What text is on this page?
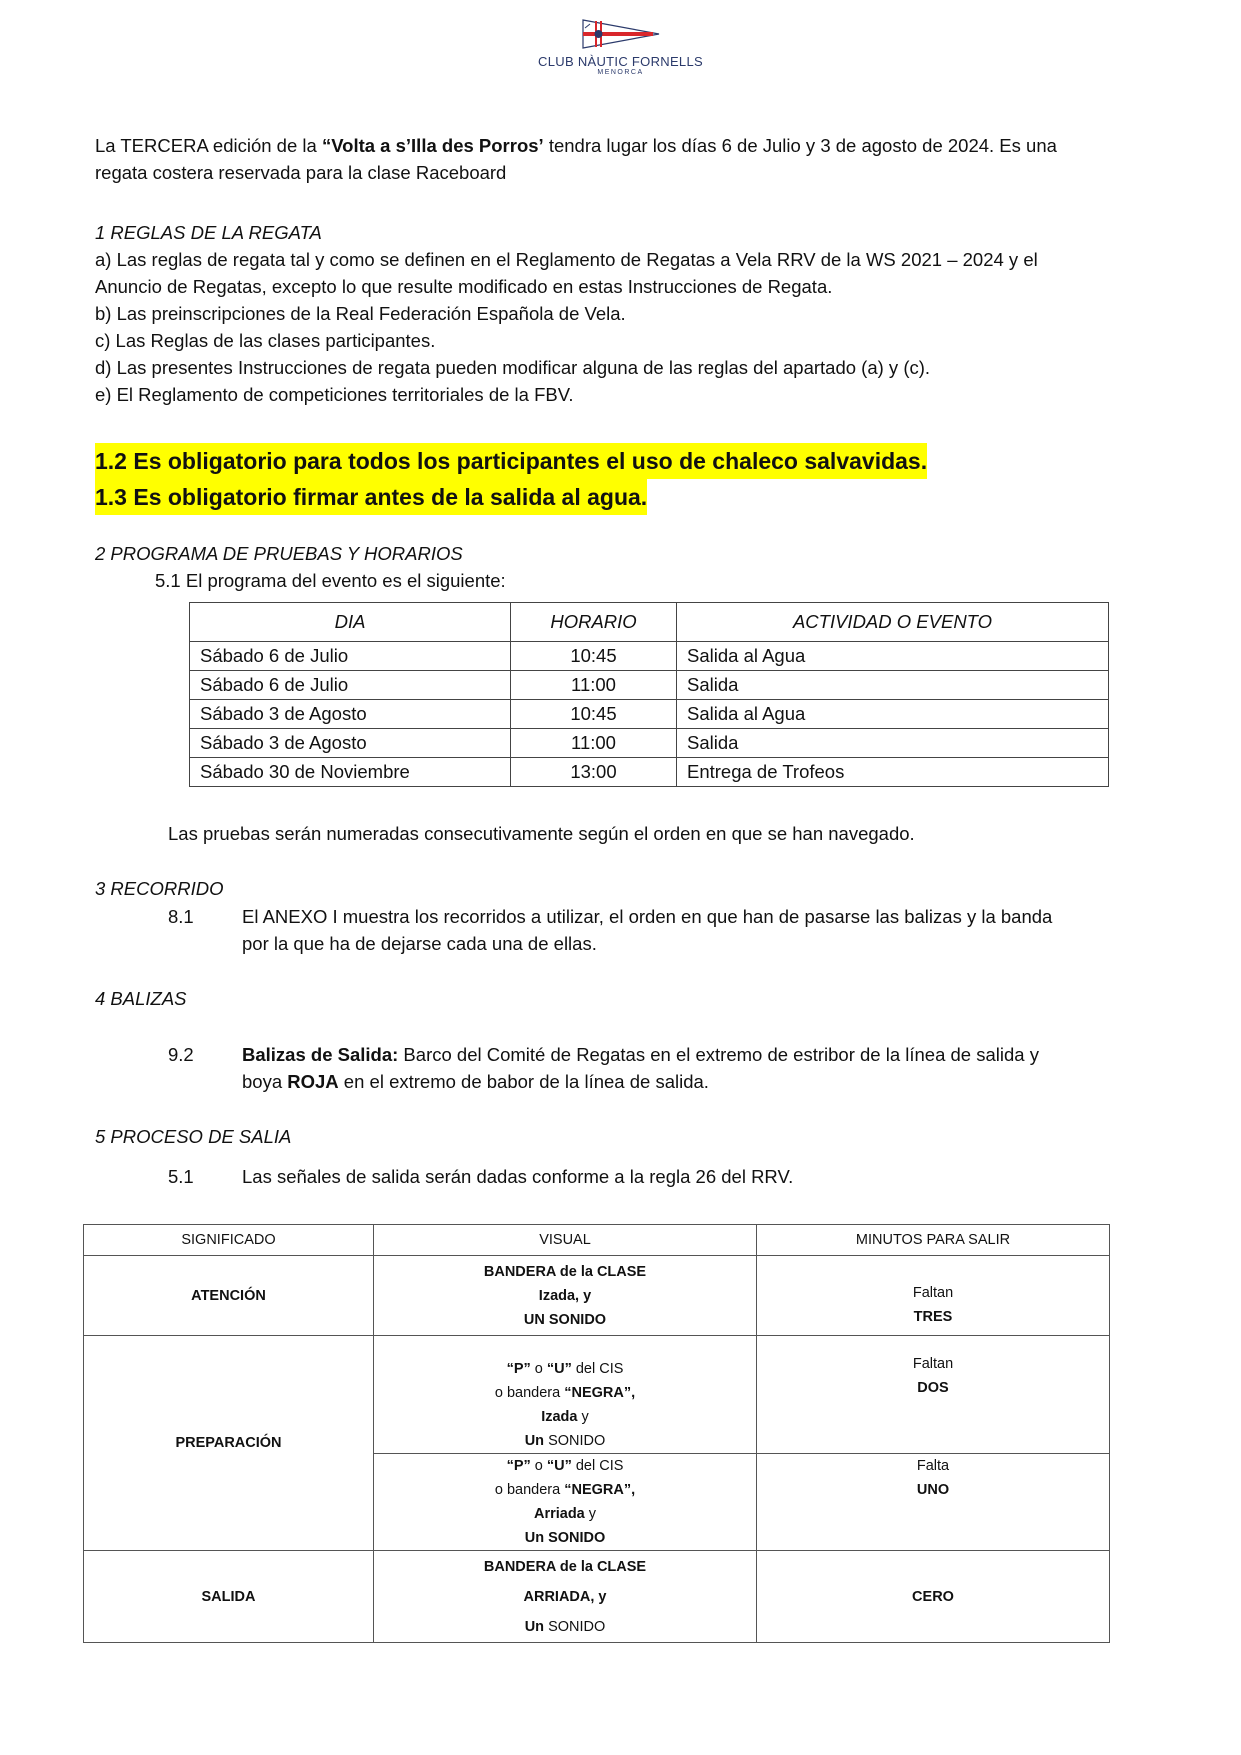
CLUB NÀUTIC FORNELLS
MENORCA
La TERCERA edición de la “Volta a s’Illa des Porros’ tendra lugar los días 6 de Julio y 3 de agosto de 2024. Es una
regata costera reservada para la clase Raceboard
1 REGLAS DE LA REGATA
a) Las reglas de regata tal y como se definen en el Reglamento de Regatas a Vela RRV de la WS 2021 – 2024 y el
Anuncio de Regatas, excepto lo que resulte modificado en estas Instrucciones de Regata.
b) Las preinscripciones de la Real Federación Española de Vela.
c) Las Reglas de las clases participantes.
d) Las presentes Instrucciones de regata pueden modificar alguna de las reglas del apartado (a) y (c).
e) El Reglamento de competiciones territoriales de la FBV.
1.2 Es obligatorio para todos los participantes el uso de chaleco salvavidas.
1.3 Es obligatorio firmar antes de la salida al agua.
2 PROGRAMA DE PRUEBAS Y HORARIOS
5.1 El programa del evento es el siguiente:
DIA	HORARIO	ACTIVIDAD O EVENTO
Sábado 6 de Julio	10:45	Salida al Agua
Sábado 6 de Julio	11:00	Salida
Sábado 3 de Agosto	10:45	Salida al Agua
Sábado 3 de Agosto	11:00	Salida
Sábado 30 de Noviembre	13:00	Entrega de Trofeos
Las pruebas serán numeradas consecutivamente según el orden en que se han navegado.
3 RECORRIDO
8.1	El ANEXO I muestra los recorridos a utilizar, el orden en que han de pasarse las balizas y la banda
por la que ha de dejarse cada una de ellas.
4 BALIZAS
9.2	Balizas de Salida: Barco del Comité de Regatas en el extremo de estribor de la línea de salida y
boya ROJA en el extremo de babor de la línea de salida.
5 PROCESO DE SALIA
5.1	Las señales de salida serán dadas conforme a la regla 26 del RRV.
SIGNIFICADO	VISUAL	MINUTOS PARA SALIR
ATENCIÓN	BANDERA de la CLASE
Izada, y
UN SONIDO	Faltan
TRES
PREPARACIÓN	“P” o “U” del CIS
o bandera “NEGRA”,
Izada y
Un SONIDO	Faltan
DOS
	“P” o “U” del CIS
o bandera “NEGRA”,
Arriada y
Un SONIDO	Falta
UNO
SALIDA	BANDERA de la CLASE
ARRIADA, y
Un SONIDO	CERO
